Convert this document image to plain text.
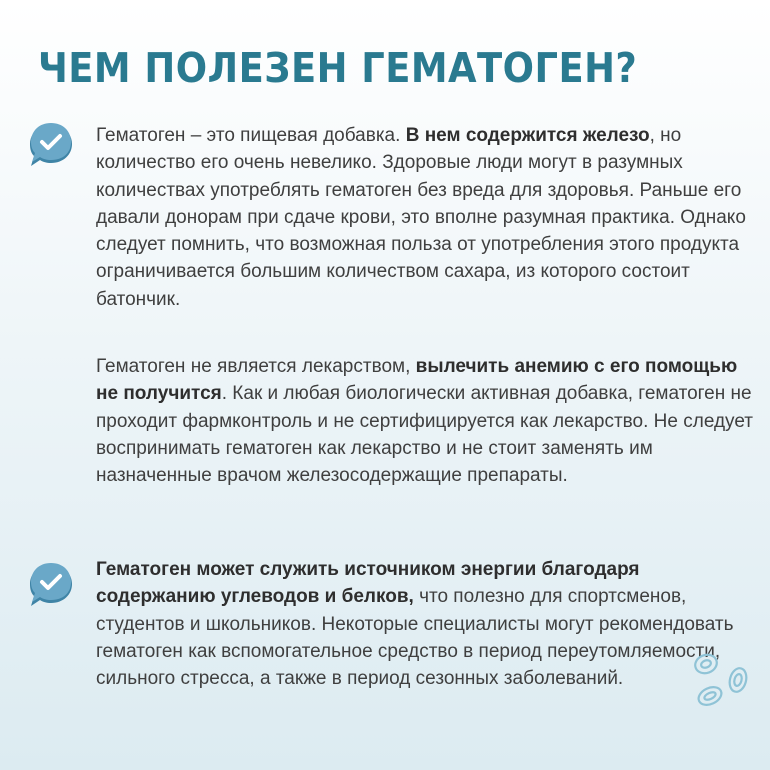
ЧЕМ ПОЛЕЗЕН ГЕМАТОГЕН?

Гематоген – это пищевая добавка. В нем содержится железо, но количество его очень невелико. Здоровые люди могут в разумных количествах употреблять гематоген без вреда для здоровья. Раньше его давали донорам при сдаче крови, это вполне разумная практика. Однако следует помнить, что возможная польза от употребления этого продукта ограничивается большим количеством сахара, из которого состоит батончик.

Гематоген не является лекарством, вылечить анемию с его помощью не получится. Как и любая биологически активная добавка, гематоген не проходит фармконтроль и не сертифицируется как лекарство. Не следует воспринимать гематоген как лекарство и не стоит заменять им назначенные врачом железосодержащие препараты.

Гематоген может служить источником энергии благодаря содержанию углеводов и белков, что полезно для спортсменов, студентов и школьников. Некоторые специалисты могут рекомендовать гематоген как вспомогательное средство в период переутомляемости, сильного стресса, а также в период сезонных заболеваний.
